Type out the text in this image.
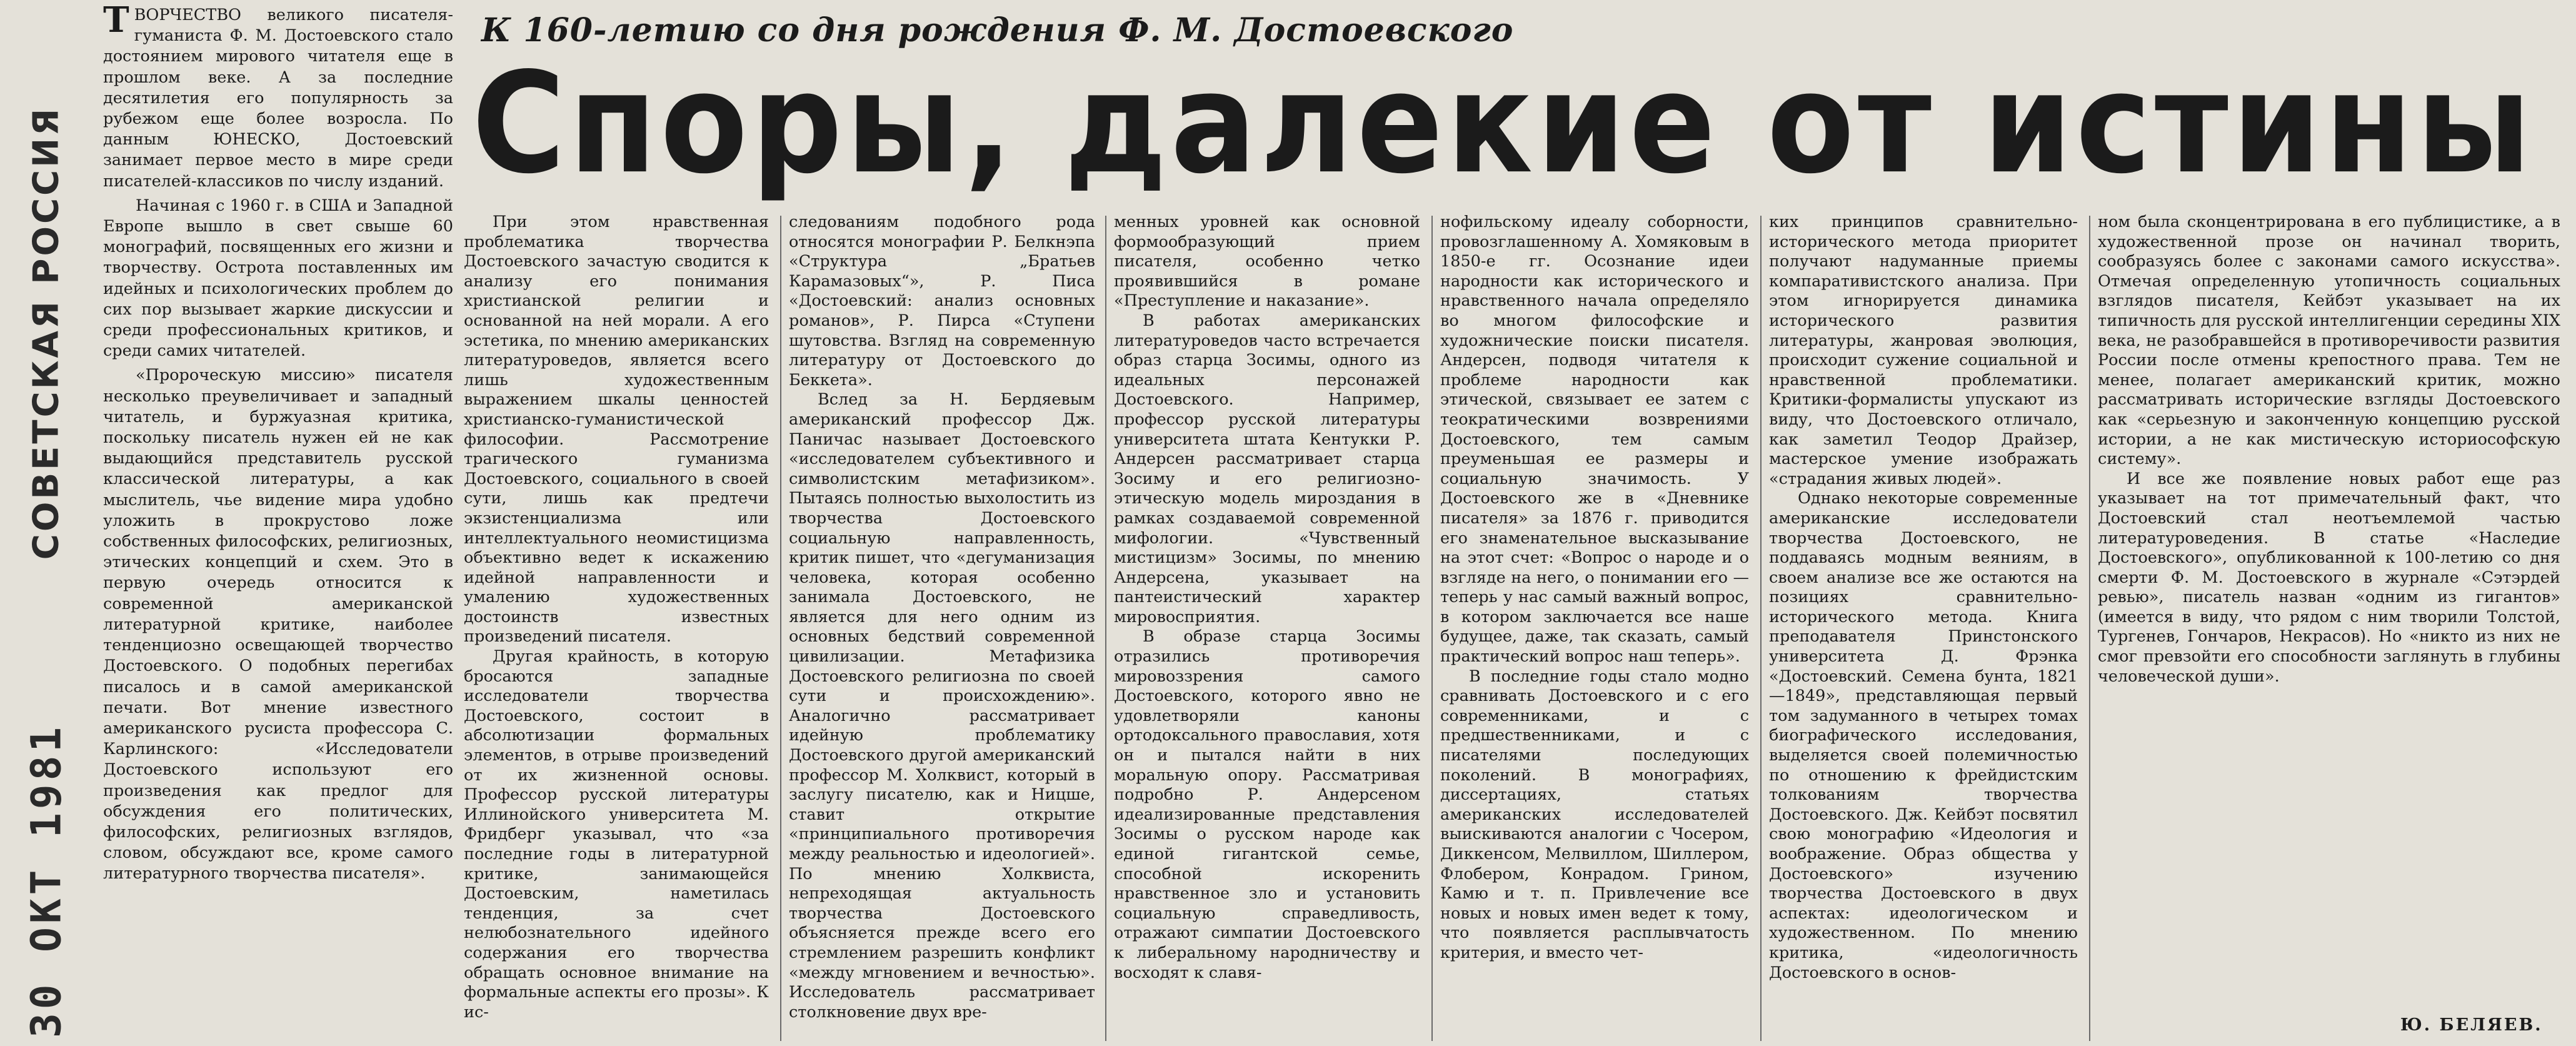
СОВЕТСКАЯ РОССИЯ
30 ОКТ 1981

ТВОРЧЕСТВО великого писателя-гуманиста Ф. М. Достоевского стало достоянием мирового читателя еще в прошлом веке. А за последние десятилетия его популярность за рубежом еще более возросла. По данным ЮНЕСКО, Достоевский занимает первое место в мире среди писателей-классиков по числу изданий.

Начиная с 1960 г. в США и Западной Европе вышло в свет свыше 60 монографий, посвященных его жизни и творчеству. Острота поставленных им идейных и психологических проблем до сих пор вызывает жаркие дискуссии и среди профессиональных критиков, и среди самих читателей.

«Пророческую миссию» писателя несколько преувеличивает и западный читатель, и буржуазная критика, поскольку писатель нужен ей не как выдающийся представитель русской классической литературы, а как мыслитель, чье видение мира удобно уложить в прокрустово ложе собственных философских, религиозных, этических концепций и схем. Это в первую очередь относится к современной американской литературной критике, наиболее тенденциозно освещающей творчество Достоевского. О подобных перегибах писалось и в самой американской печати. Вот мнение известного американского русиста профессора С. Карлинского: «Исследователи Достоевского используют его произведения как предлог для обсуждения его политических, философских, религиозных взглядов, словом, обсуждают все, кроме самого литературного творчества писателя».

К 160-летию со дня рождения Ф. М. Достоевского
Споры, далекие от истины

При этом нравственная проблематика творчества Достоевского зачастую сводится к анализу его понимания христианской религии и основанной на ней морали. А его эстетика, по мнению американских литературоведов, является всего лишь художественным выражением шкалы ценностей христианско-гуманистической философии. Рассмотрение трагического гуманизма Достоевского, социального в своей сути, лишь как предтечи экзистенциализма или интеллектуального неомистицизма объективно ведет к искажению идейной направленности и умалению художественных достоинств известных произведений писателя.

Другая крайность, в которую бросаются западные исследователи творчества Достоевского, состоит в абсолютизации формальных элементов, в отрыве произведений от их жизненной основы. Профессор русской литературы Иллинойского университета М. Фридберг указывал, что «за последние годы в литературной критике, занимающейся Достоевским, наметилась тенденция, за счет нелюбознательного идейного содержания его творчества обращать основное внимание на формальные аспекты его прозы». К ис-

следованиям подобного рода относятся монографии Р. Белкнэпа «Структура „Братьев Карамазовых“», Р. Писа «Достоевский: анализ основных романов», Р. Пирса «Ступени шутовства. Взгляд на современную литературу от Достоевского до Беккета».

Вслед за Н. Бердяевым американский профессор Дж. Паничас называет Достоевского «исследователем субъективного и символистским метафизиком». Пытаясь полностью выхолостить из творчества Достоевского социальную направленность, критик пишет, что «дегуманизация человека, которая особенно занимала Достоевского, не является для него одним из основных бедствий современной цивилизации. Метафизика Достоевского религиозна по своей сути и происхождению». Аналогично рассматривает идейную проблематику Достоевского другой американский профессор М. Холквист, который в заслугу писателю, как и Ницше, ставит открытие «принципиального противоречия между реальностью и идеологией». По мнению Холквиста, непреходящая актуальность творчества Достоевского объясняется прежде всего его стремлением разрешить конфликт «между мгновением и вечностью». Исследователь рассматривает столкновение двух вре-

менных уровней как основной формообразующий прием писателя, особенно четко проявившийся в романе «Преступление и наказание».

В работах американских литературоведов часто встречается образ старца Зосимы, одного из идеальных персонажей Достоевского. Например, профессор русской литературы университета штата Кентукки Р. Андерсен рассматривает старца Зосиму и его религиозно-этическую модель мироздания в рамках создаваемой современной мифологии. «Чувственный мистицизм» Зосимы, по мнению Андерсена, указывает на пантеистический характер мировосприятия.

В образе старца Зосимы отразились противоречия мировоззрения самого Достоевского, которого явно не удовлетворяли каноны ортодоксального православия, хотя он и пытался найти в них моральную опору. Рассматривая подробно Р. Андерсеном идеализированные представления Зосимы о русском народе как единой гигантской семье, способной искоренить нравственное зло и установить социальную справедливость, отражают симпатии Достоевского к либеральному народничеству и восходят к славя-

нофильскому идеалу соборности, провозглашенному А. Хомяковым в 1850-е гг. Осознание идеи народности как исторического и нравственного начала определяло во многом философские и художнические поиски писателя. Андерсен, подводя читателя к проблеме народности как этической, связывает ее затем с теократическими возврениями Достоевского, тем самым преуменьшая ее размеры и социальную значимость. У Достоевского же в «Дневнике писателя» за 1876 г. приводится его знаменательное высказывание на этот счет: «Вопрос о народе и о взгляде на него, о понимании его — теперь у нас самый важный вопрос, в котором заключается все наше будущее, даже, так сказать, самый практический вопрос наш теперь».

В последние годы стало модно сравнивать Достоевского и с его современниками, и с предшественниками, и с писателями последующих поколений. В монографиях, диссертациях, статьях американских исследователей выискиваются аналогии с Чосером, Диккенсом, Мелвиллом, Шиллером, Флобером, Конрадом. Грином, Камю и т. п. Привлечение все новых и новых имен ведет к тому, что появляется расплывчатость критерия, и вместо чет-

ких принципов сравнительно-исторического метода приоритет получают надуманные приемы компаративистского анализа. При этом игнорируется динамика исторического развития литературы, жанровая эволюция, происходит сужение социальной и нравственной проблематики. Критики-формалисты упускают из виду, что Достоевского отличало, как заметил Теодор Драйзер, мастерское умение изображать «страдания живых людей».

Однако некоторые современные американские исследователи творчества Достоевского, не поддаваясь модным веяниям, в своем анализе все же остаются на позициях сравнительно-исторического метода. Книга преподавателя Принстонского университета Д. Фрэнка «Достоевский. Семена бунта, 1821—1849», представляющая первый том задуманного в четырех томах биографического исследования, выделяется своей полемичностью по отношению к фрейдистским толкованиям творчества Достоевского. Дж. Кейбэт посвятил свою монографию «Идеология и воображение. Образ общества у Достоевского» изучению творчества Достоевского в двух аспектах: идеологическом и художественном. По мнению критика, «идеологичность Достоевского в основ-

ном была сконцентрирована в его публицистике, а в художественной прозе он начинал творить, сообразуясь более с законами самого искусства». Отмечая определенную утопичность социальных взглядов писателя, Кейбэт указывает на их типичность для русской интеллигенции середины XIX века, не разобравшейся в противоречивости развития России после отмены крепостного права. Тем не менее, полагает американский критик, можно рассматривать исторические взгляды Достоевского как «серьезную и законченную концепцию русской истории, а не как мистическую историософскую систему».

И все же появление новых работ еще раз указывает на тот примечательный факт, что Достоевский стал неотъемлемой частью литературоведения. В статье «Наследие Достоевского», опубликованной к 100-летию со дня смерти Ф. М. Достоевского в журнале «Сэтэрдей ревью», писатель назван «одним из гигантов» (имеется в виду, что рядом с ним творили Толстой, Тургенев, Гончаров, Некрасов). Но «никто из них не смог превзойти его способности заглянуть в глубины человеческой души».

Ю. БЕЛЯЕВ.
